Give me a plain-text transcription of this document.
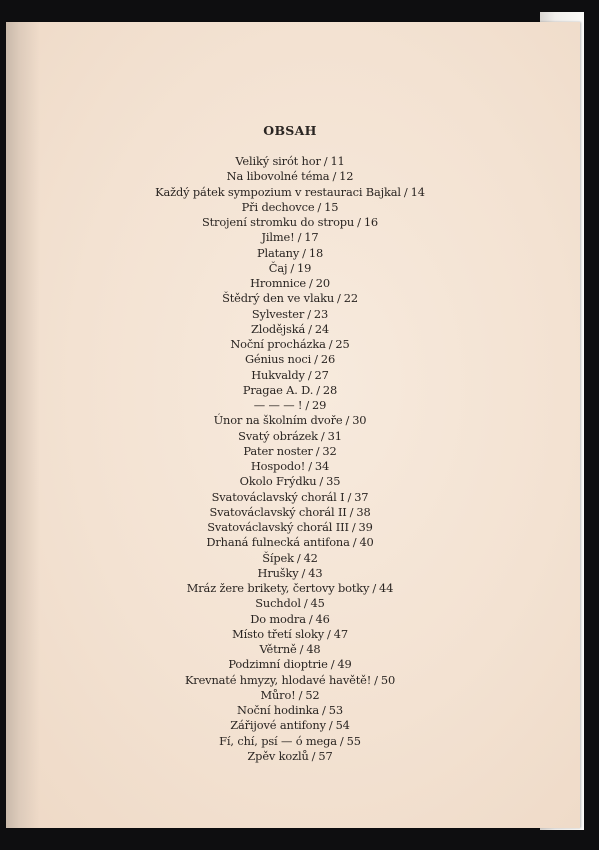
OBSAH
Veliký sirót hor / 11
Na libovolné téma / 12
Každý pátek sympozium v restauraci Bajkal / 14
Při dechovce / 15
Strojení stromku do stropu / 16
Jilme! / 17
Platany / 18
Čaj / 19
Hromnice / 20
Štědrý den ve vlaku / 22
Sylvester / 23
Zlodějská / 24
Noční procházka / 25
Génius noci / 26
Hukvaldy / 27
Pragae A. D. / 28
— — — ! / 29
Únor na školním dvoře / 30
Svatý obrázek / 31
Pater noster / 32
Hospodo! / 34
Okolo Frýdku / 35
Svatováclavský chorál I / 37
Svatováclavský chorál II / 38
Svatováclavský chorál III / 39
Drhaná fulnecká antifona / 40
Šípek / 42
Hrušky / 43
Mráz žere brikety, čertovy botky / 44
Suchdol / 45
Do modra / 46
Místo třetí sloky / 47
Větrně / 48
Podzimní dioptrie / 49
Krevnaté hmyzy, hlodavé havětě! / 50
Můro! / 52
Noční hodinka / 53
Zářijové antifony / 54
Fí, chí, psí — ó mega / 55
Zpěv kozlů / 57
